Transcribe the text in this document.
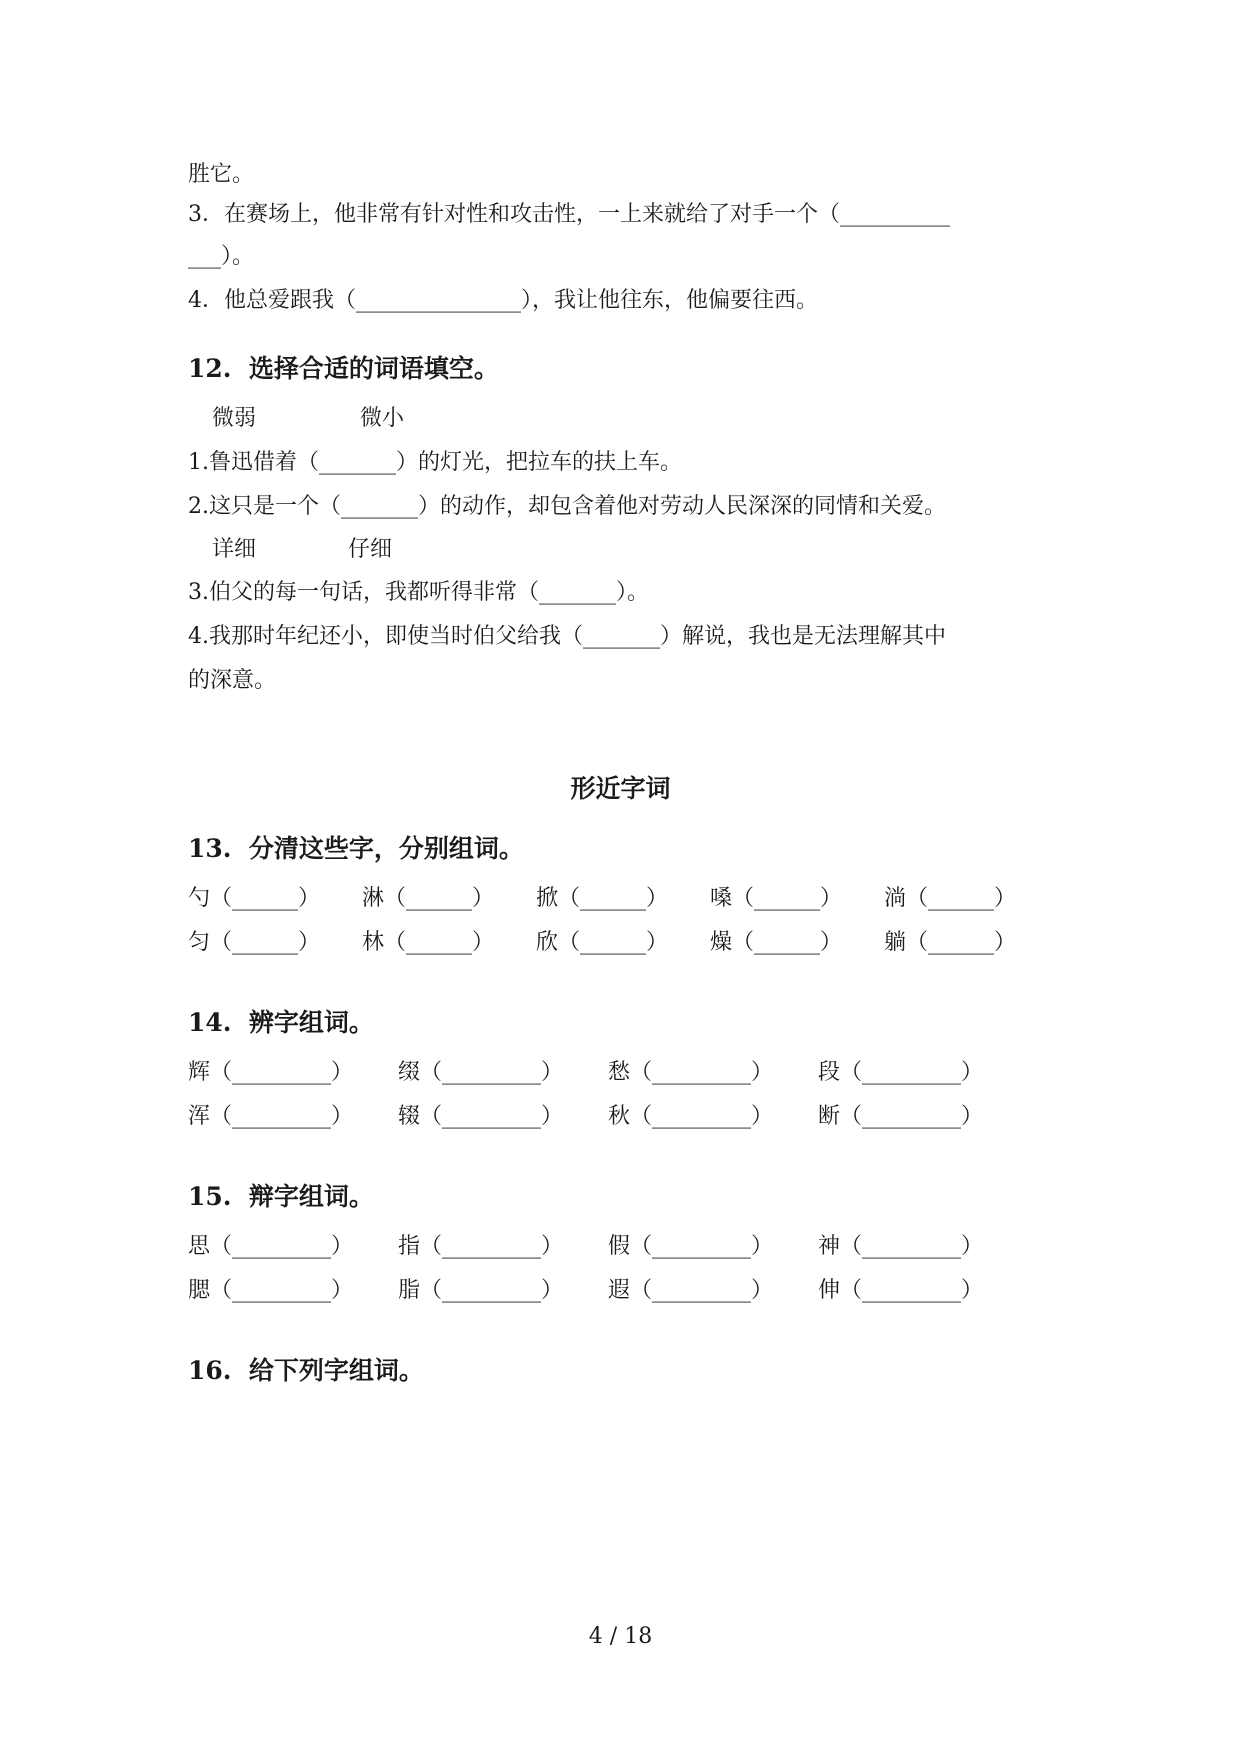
胜它。
3．在赛场上，他非常有针对性和攻击性，一上来就给了对手一个（__________
___）。
4．他总爱跟我（_______________），我让他往东，他偏要往西。
12.  选择合适的词语填空。
微弱	微小
1.鲁迅借着（_______）的灯光，把拉车的扶上车。
2.这只是一个（_______）的动作，却包含着他对劳动人民深深的同情和关爱。
详细	仔细
3.伯父的每一句话，我都听得非常（_______）。
4.我那时年纪还小，即使当时伯父给我（_______）解说，我也是无法理解其中
的深意。
形近字词
13.  分清这些字，分别组词。
勺（______） 淋（______） 掀（______） 嗓（______） 淌（______）
匀（______） 林（______） 欣（______） 燥（______） 躺（______）
14.  辨字组词。
辉（_________） 缀（_________） 愁（_________） 段（_________）
浑（_________） 辍（_________） 秋（_________） 断（_________）
15.  辩字组词。
思（_________） 指（_________） 假（_________） 神（_________）
腮（_________） 脂（_________） 遐（_________） 伸（_________）
16.  给下列字组词。
4 / 18
